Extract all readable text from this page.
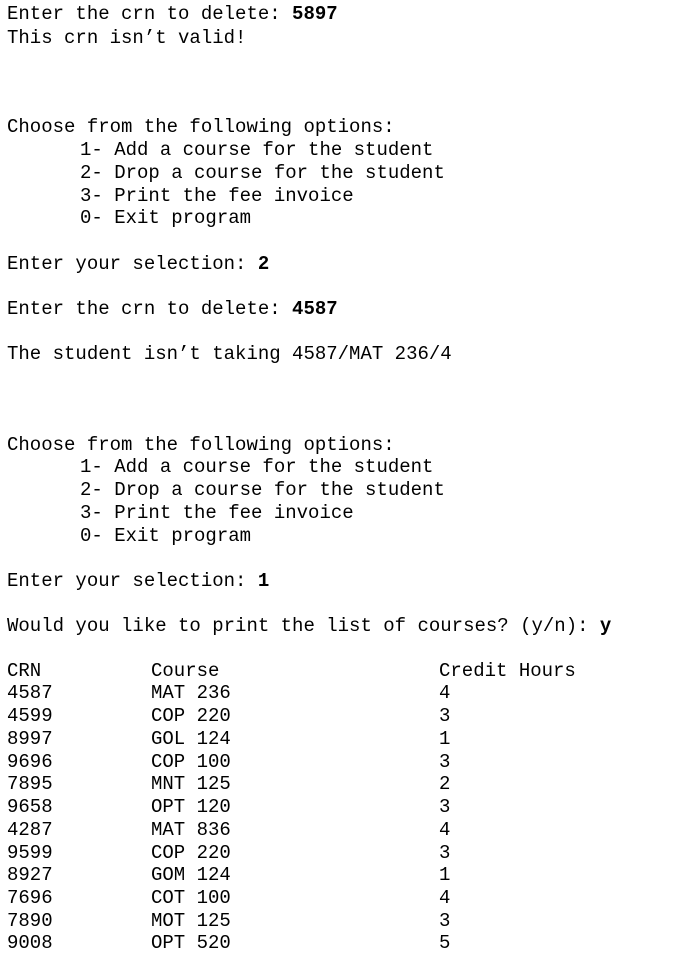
Enter the crn to delete: 5897
This crn isn’t valid!
Choose from the following options:
1- Add a course for the student
2- Drop a course for the student
3- Print the fee invoice
0- Exit program
Enter your selection: 2
Enter the crn to delete: 4587
The student isn’t taking 4587/MAT 236/4
Choose from the following options:
1- Add a course for the student
2- Drop a course for the student
3- Print the fee invoice
0- Exit program
Enter your selection: 1
Would you like to print the list of courses? (y/n): y
CRN	Course	Credit Hours
4587	MAT 236	4
4599	COP 220	3
8997	GOL 124	1
9696	COP 100	3
7895	MNT 125	2
9658	OPT 120	3
4287	MAT 836	4
9599	COP 220	3
8927	GOM 124	1
7696	COT 100	4
7890	MOT 125	3
9008	OPT 520	5
